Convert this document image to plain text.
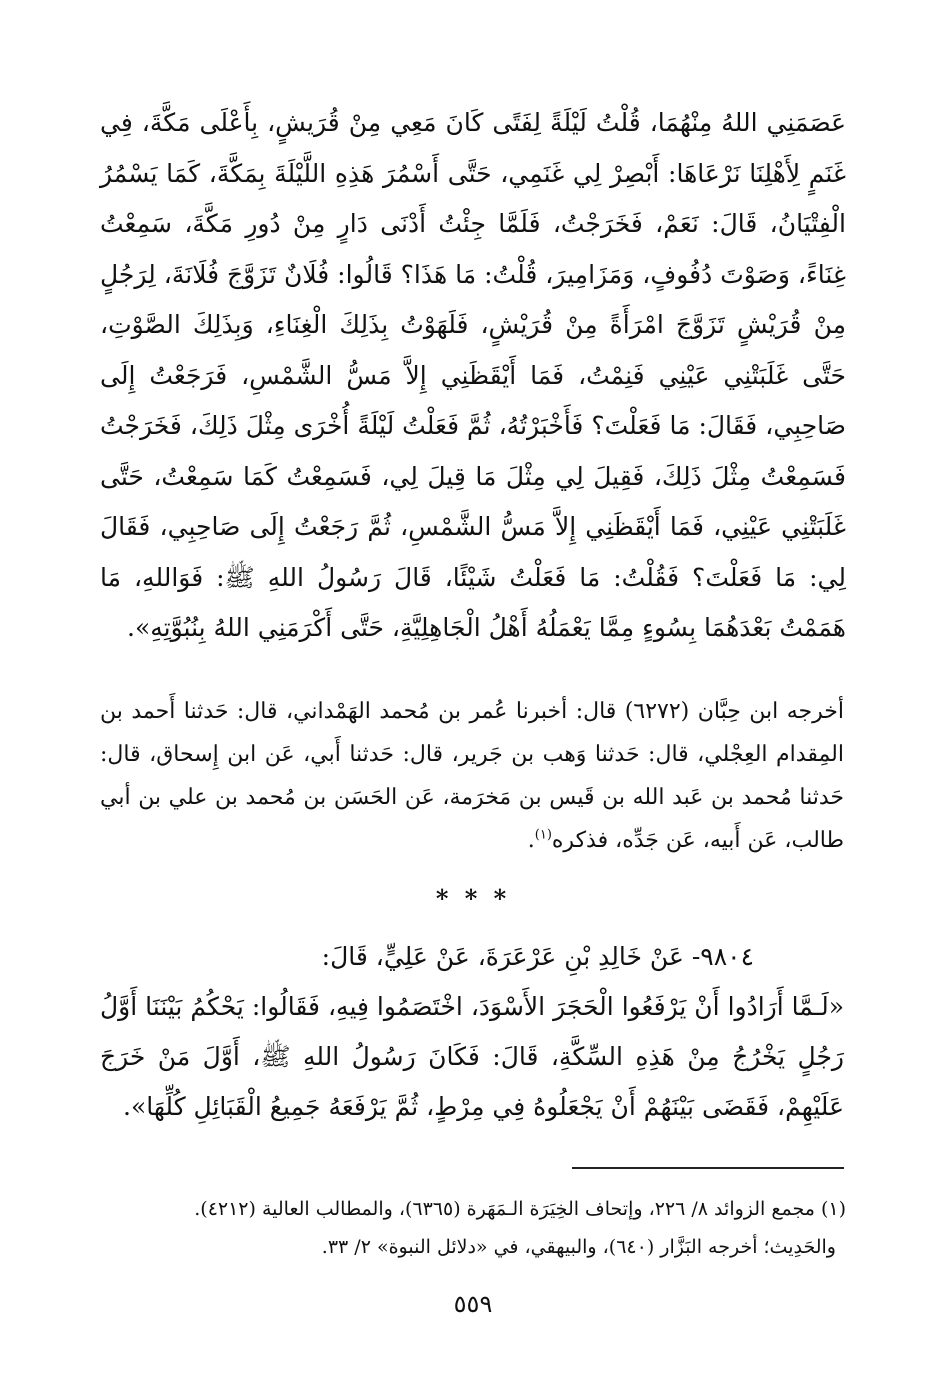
عَصَمَنِي اللهُ مِنْهُمَا، قُلْتُ لَيْلَةً لِفَتًى كَانَ مَعِي مِنْ قُرَيشٍ، بِأَعْلَى مَكَّةَ، فِي غَنَمٍ لِأَهْلِنَا نَرْعَاهَا: أَبْصِرْ لِي غَنَمِي، حَتَّى أَسْمُرَ هَذِهِ اللَّيْلَةَ بِمَكَّةَ، كَمَا يَسْمُرُ الْفِتْيَانُ، قَالَ: نَعَمْ، فَخَرَجْتُ، فَلَمَّا جِئْتُ أَدْنَى دَارٍ مِنْ دُورِ مَكَّةَ، سَمِعْتُ غِنَاءً، وَصَوْتَ دُفُوفٍ، وَمَزَامِيرَ، قُلْتُ: مَا هَذَا؟ قَالُوا: فُلَانٌ تَزَوَّجَ فُلَانَةَ، لِرَجُلٍ مِنْ قُرَيْشٍ تَزَوَّجَ امْرَأَةً مِنْ قُرَيْشٍ، فَلَهَوْتُ بِذَلِكَ الْغِنَاءِ، وَبِذَلِكَ الصَّوْتِ، حَتَّى غَلَبَتْنِي عَيْنِي فَنِمْتُ، فَمَا أَيْقَظَنِي إِلاَّ مَسُّ الشَّمْسِ، فَرَجَعْتُ إِلَى صَاحِبِي، فَقَالَ: مَا فَعَلْتَ؟ فَأَخْبَرْتُهُ، ثُمَّ فَعَلْتُ لَيْلَةً أُخْرَى مِثْلَ ذَلِكَ، فَخَرَجْتُ فَسَمِعْتُ مِثْلَ ذَلِكَ، فَقِيلَ لِي مِثْلَ مَا قِيلَ لِي، فَسَمِعْتُ كَمَا سَمِعْتُ، حَتَّى غَلَبَتْنِي عَيْنِي، فَمَا أَيْقَظَنِي إِلاَّ مَسُّ الشَّمْسِ، ثُمَّ رَجَعْتُ إِلَى صَاحِبِي، فَقَالَ لِي: مَا فَعَلْتَ؟ فَقُلْتُ: مَا فَعَلْتُ شَيْئًا، قَالَ رَسُولُ اللهِ ﷺ: فَوَاللهِ، مَا هَمَمْتُ بَعْدَهُمَا بِسُوءٍ مِمَّا يَعْمَلُهُ أَهْلُ الْجَاهِلِيَّةِ، حَتَّى أَكْرَمَنِي اللهُ بِنُبُوَّتِهِ».

أخرجه ابن حِبَّان (٦٢٧٢) قال: أخبرنا عُمر بن مُحمد الهَمْداني، قال: حَدثنا أَحمد بن المِقدام العِجْلي، قال: حَدثنا وَهب بن جَرير، قال: حَدثنا أَبي، عَن ابن إِسحاق، قال: حَدثنا مُحمد بن عَبد الله بن قَيس بن مَخرَمة، عَن الحَسَن بن مُحمد بن علي بن أبي طالب، عَن أَبيه، عَن جَدِّه، فذكره$^{(١)}$.
* * *

٩٨٠٤- عَنْ خَالِدِ بْنِ عَرْعَرَةَ، عَنْ عَلِيٍّ، قَالَ:

«لَـمَّا أَرَادُوا أَنْ يَرْفَعُوا الْحَجَرَ الأَسْوَدَ، اخْتَصَمُوا فِيهِ، فَقَالُوا: يَحْكُمُ بَيْنَنَا أَوَّلُ رَجُلٍ يَخْرُجُ مِنْ هَذِهِ السِّكَّةِ، قَالَ: فَكَانَ رَسُولُ اللهِ ﷺ، أَوَّلَ مَنْ خَرَجَ عَلَيْهِمْ، فَقَضَى بَيْنَهُمْ أَنْ يَجْعَلُوهُ فِي مِرْطٍ، ثُمَّ يَرْفَعَهُ جَمِيعُ الْقَبَائِلِ كُلِّهَا».

(١) مجمع الزوائد ٨/ ٢٢٦، وإتحاف الخِيَرَة الـمَهَرة (٦٣٦٥)، والمطالب العالية (٤٢١٢).

والحَدِيث؛ أخرجه البَزَّار (٦٤٠)، والبيهقي، في «دلائل النبوة» ٢/ ٣٣.

٥٥٩
